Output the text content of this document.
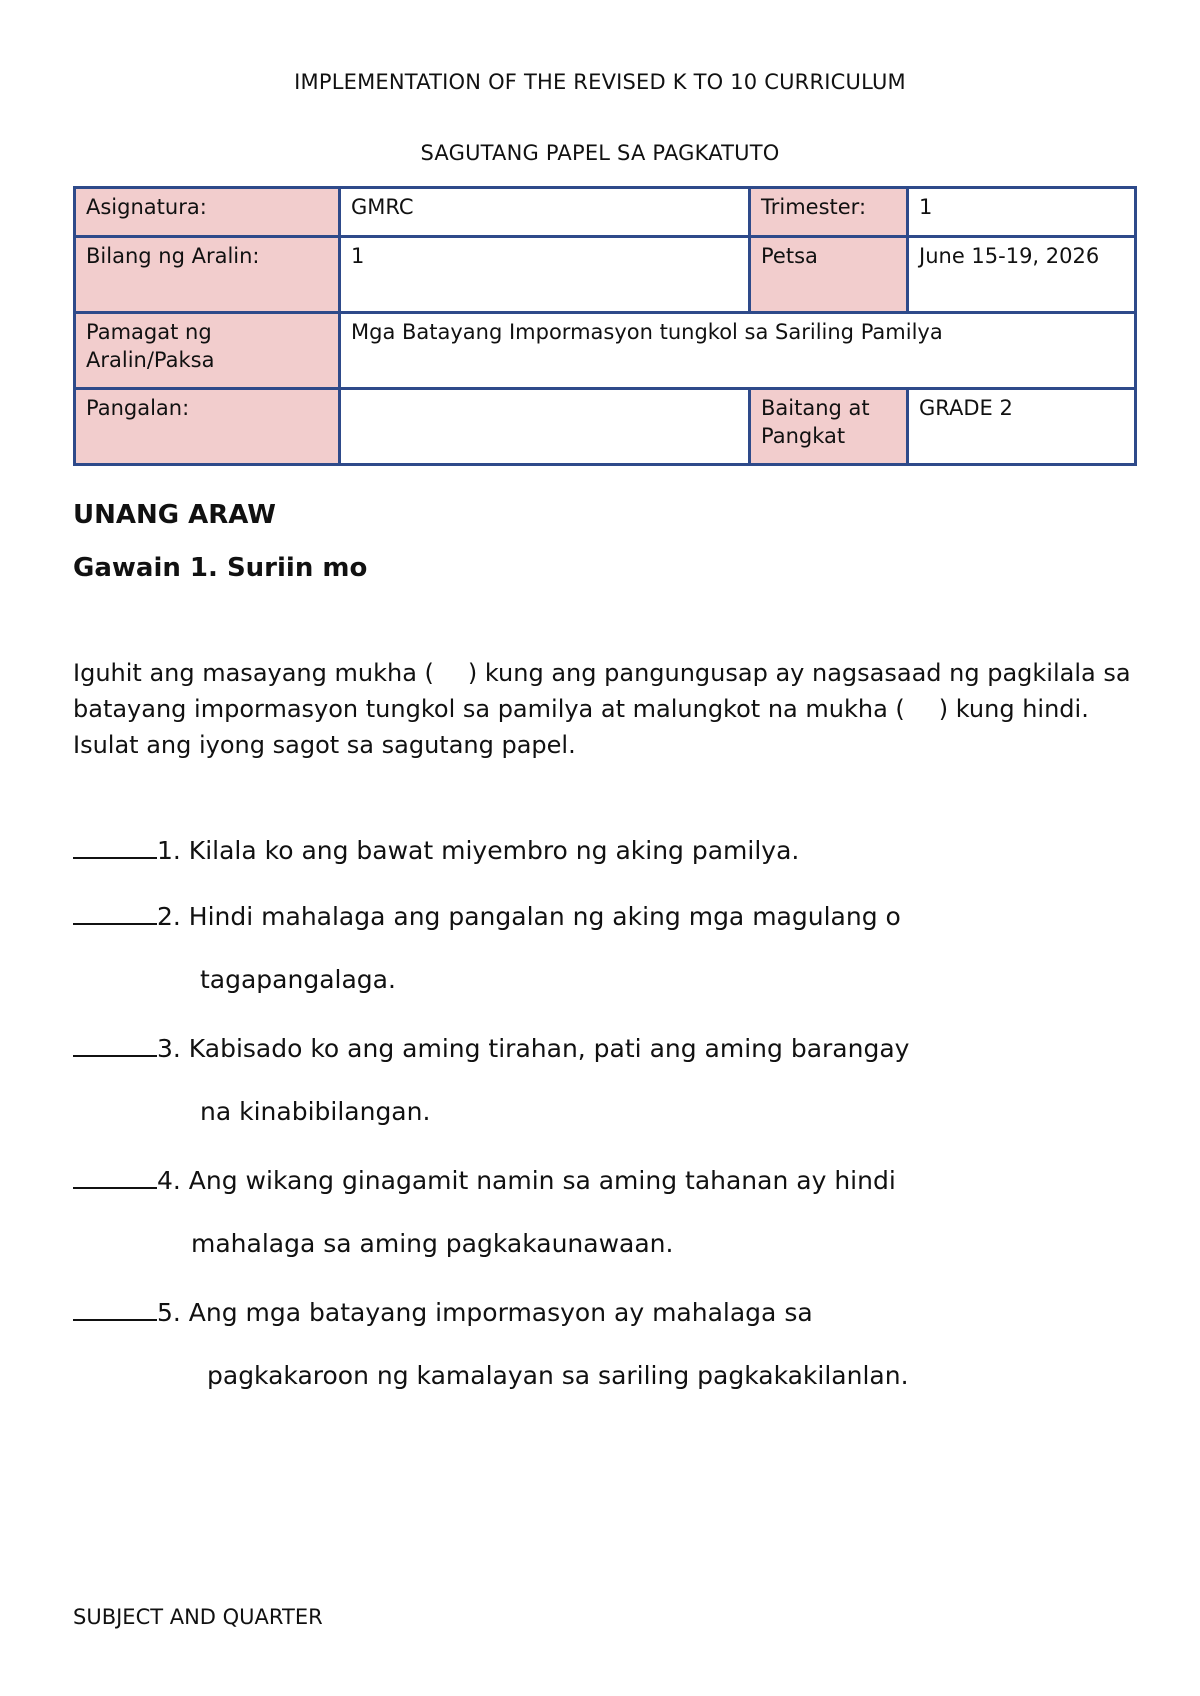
IMPLEMENTATION OF THE REVISED K TO 10 CURRICULUM
SAGUTANG PAPEL SA PAGKATUTO
Asignatura:	GMRC	Trimester:	1
Bilang ng Aralin:	1	Petsa	June 15-19, 2026
Pamagat ng Aralin/Paksa	Mga Batayang Impormasyon tungkol sa Sariling Pamilya		
Pangalan:		Baitang at Pangkat	GRADE 2
UNANG ARAW
Gawain 1. Suriin mo
Iguhit ang masayang mukha ( ) kung ang pangungusap ay nagsasaad ng pagkilala sa batayang impormasyon tungkol sa pamilya at malungkot na mukha ( ) kung hindi. Isulat ang iyong sagot sa sagutang papel.
1. Kilala ko ang bawat miyembro ng aking pamilya.
2. Hindi mahalaga ang pangalan ng aking mga magulang o
tagapangalaga.
3. Kabisado ko ang aming tirahan, pati ang aming barangay
na kinabibilangan.
4. Ang wikang ginagamit namin sa aming tahanan ay hindi
mahalaga sa aming pagkakaunawaan.
5. Ang mga batayang impormasyon ay mahalaga sa
pagkakaroon ng kamalayan sa sariling pagkakakilanlan.
SUBJECT AND QUARTER
